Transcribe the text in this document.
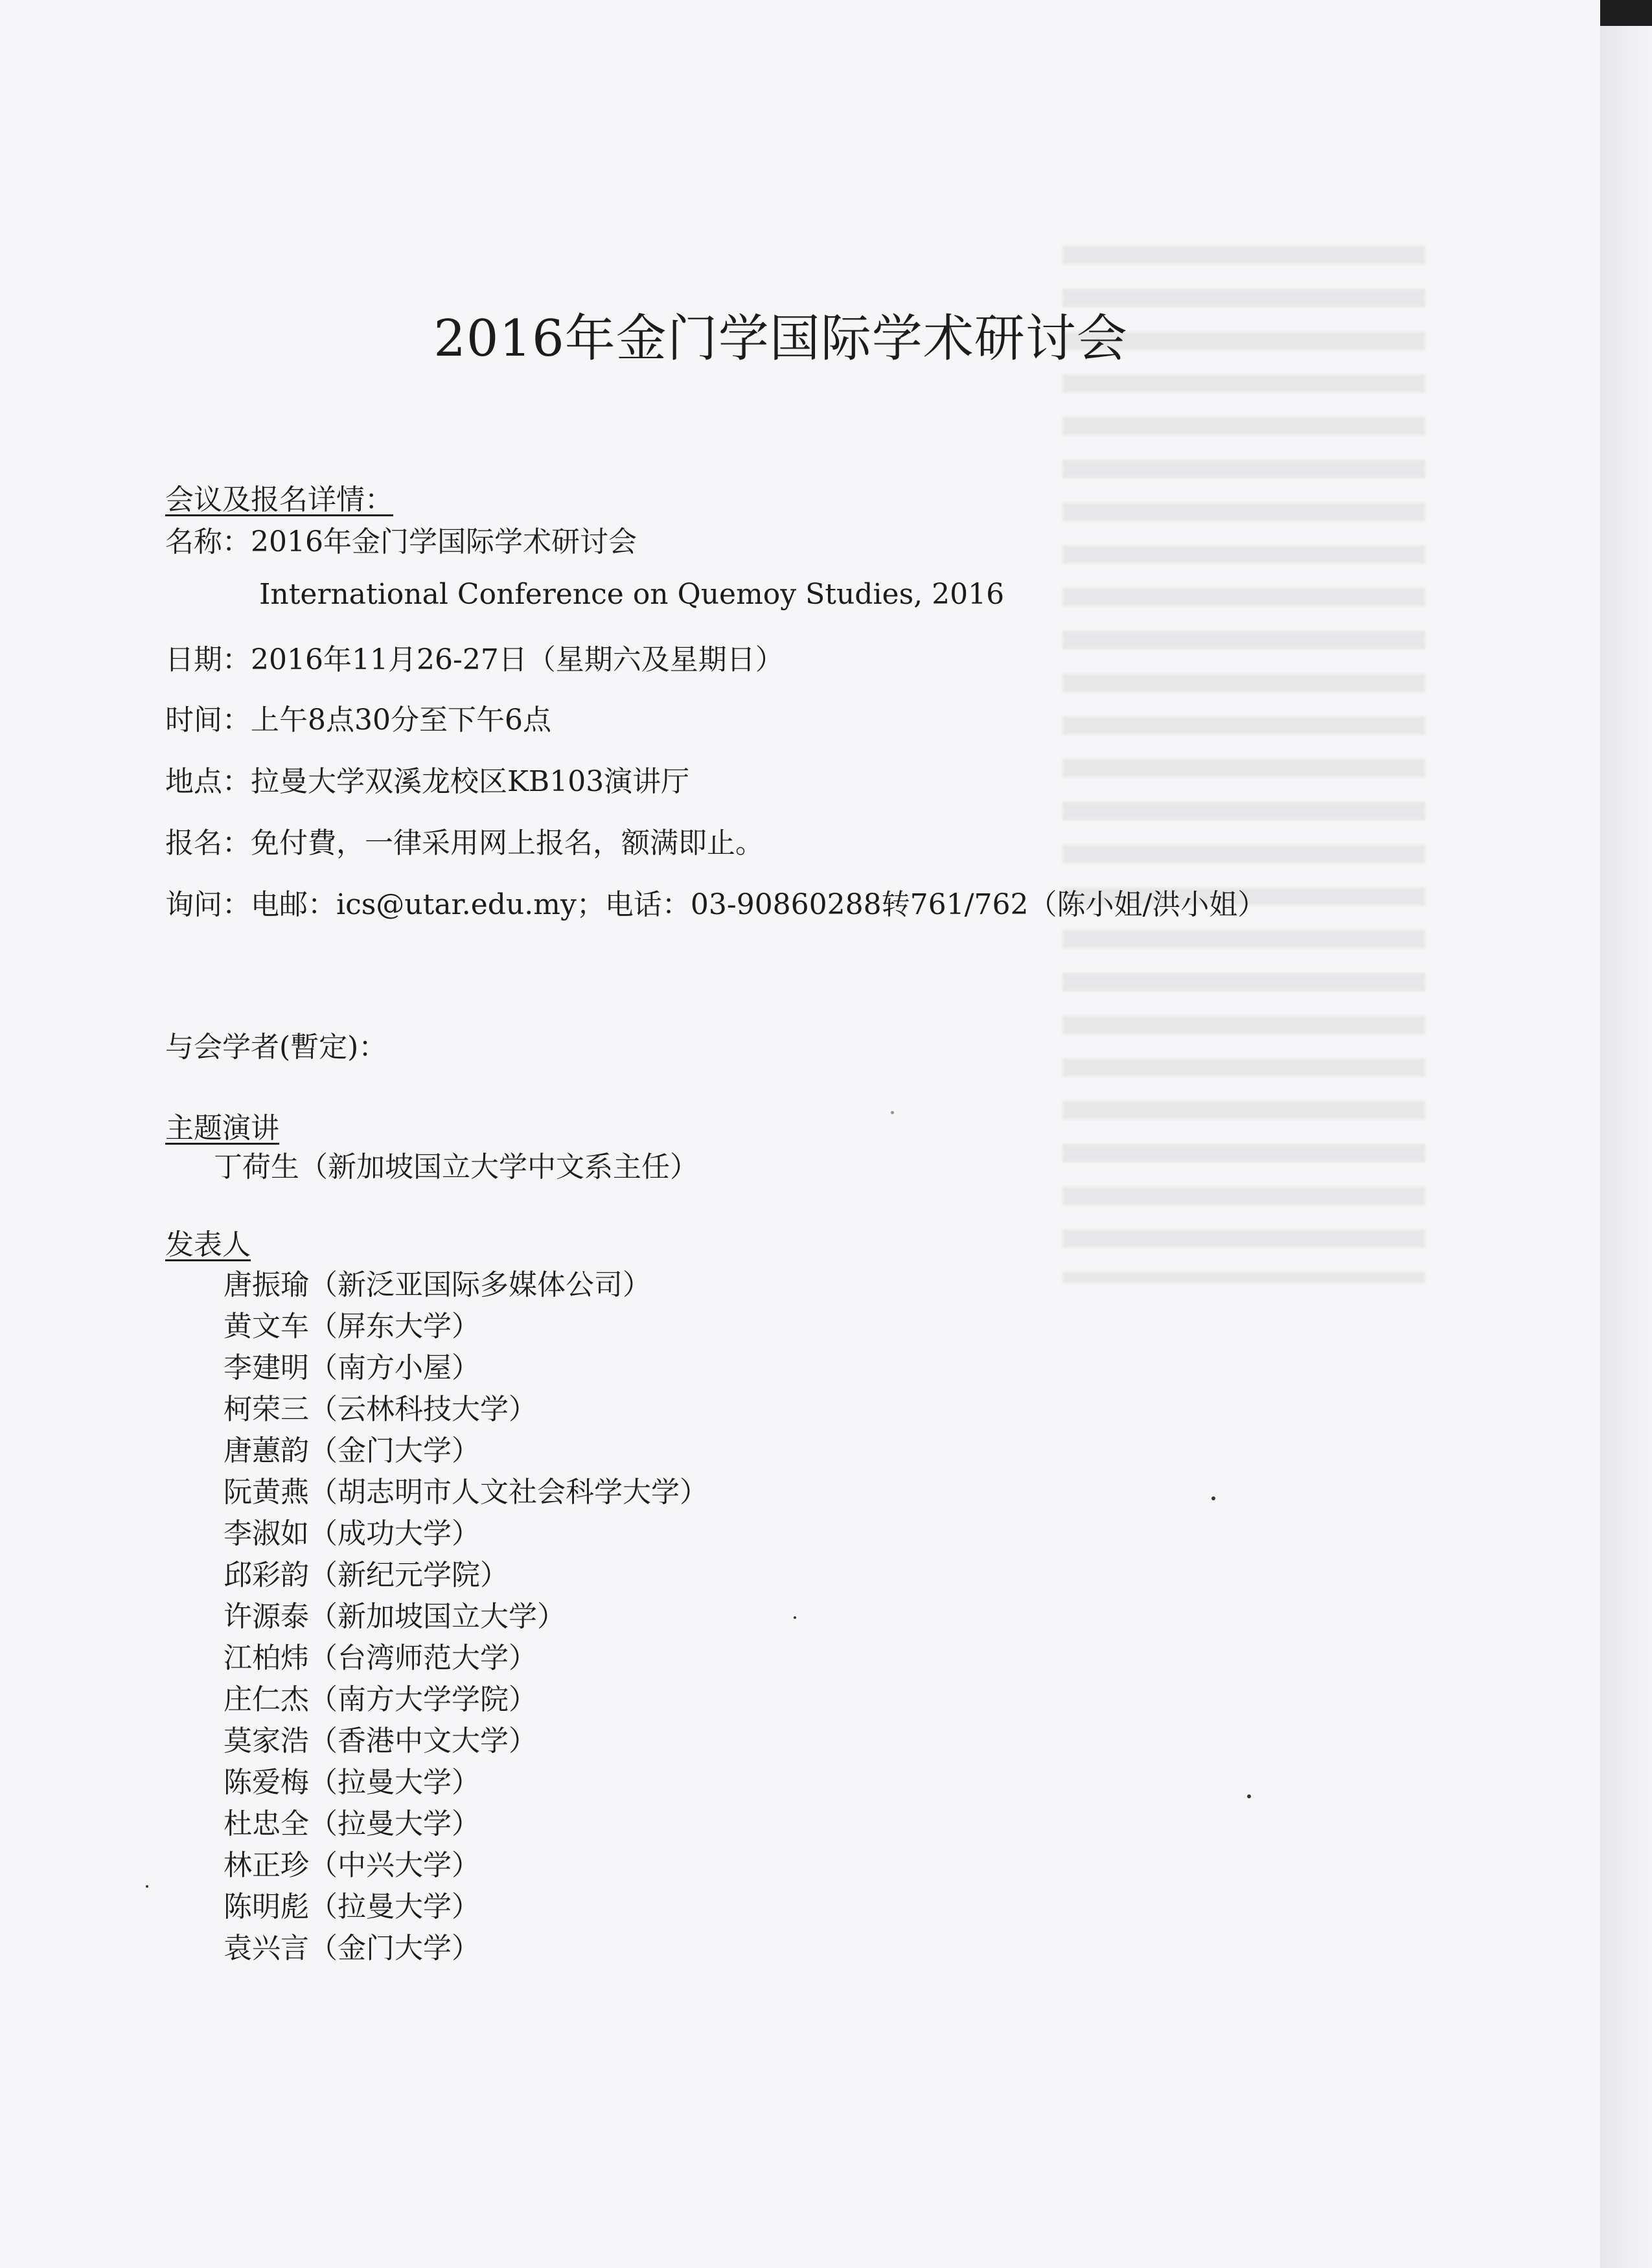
2016年金门学国际学术研讨会
会议及报名详情：
名称：2016年金门学国际学术研讨会
International Conference on Quemoy Studies, 2016
日期：2016年11月26-27日（星期六及星期日）
时间：上午8点30分至下午6点
地点：拉曼大学双溪龙校区KB103演讲厅
报名：免付費，一律采用网上报名，额满即止。
询问：电邮：ics@utar.edu.my；电话：03-90860288转761/762（陈小姐/洪小姐）
与会学者(暫定)：
主题演讲
丁荷生（新加坡国立大学中文系主任）
发表人
唐振瑜（新泛亚国际多媒体公司）
黄文车（屏东大学）
李建明（南方小屋）
柯荣三（云林科技大学）
唐蕙韵（金门大学）
阮黄燕（胡志明市人文社会科学大学）
李淑如（成功大学）
邱彩韵（新纪元学院）
许源泰（新加坡国立大学）
江柏炜（台湾师范大学）
庄仁杰（南方大学学院）
莫家浩（香港中文大学）
陈爱梅（拉曼大学）
杜忠全（拉曼大学）
林正珍（中兴大学）
陈明彪（拉曼大学）
袁兴言（金门大学）
